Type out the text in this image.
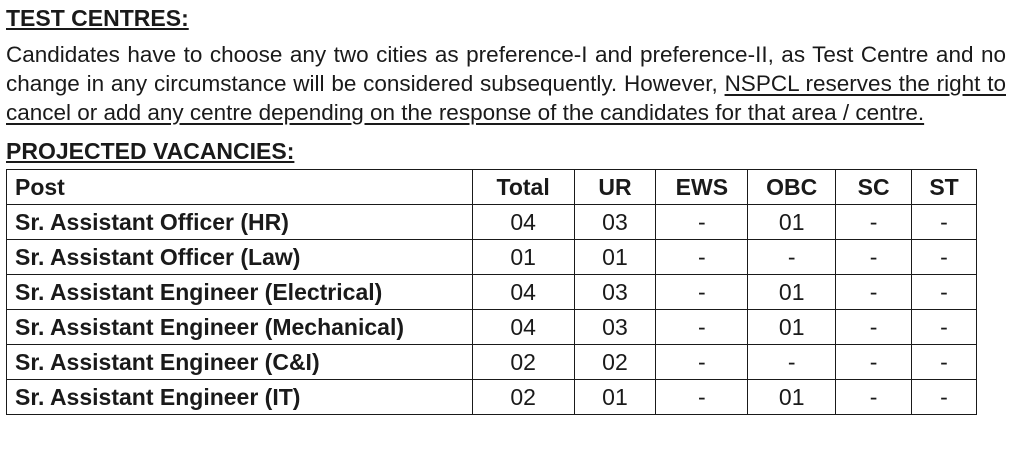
TEST CENTRES:

Candidates have to choose any two cities as preference-I and preference-II, as Test Centre and no change in any circumstance will be considered subsequently. However, NSPCL reserves the right to cancel or add any centre depending on the response of the candidates for that area / centre.

PROJECTED VACANCIES:
Post	Total	UR	EWS	OBC	SC	ST
Sr. Assistant Officer (HR)	04	03	-	01	-	-
Sr. Assistant Officer (Law)	01	01	-	-	-	-
Sr. Assistant Engineer (Electrical)	04	03	-	01	-	-
Sr. Assistant Engineer (Mechanical)	04	03	-	01	-	-
Sr. Assistant Engineer (C&I)	02	02	-	-	-	-
Sr. Assistant Engineer (IT)	02	01	-	01	-	-
